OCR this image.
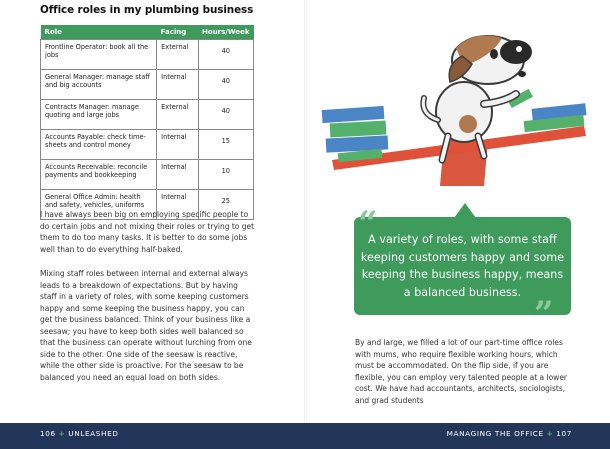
Office roles in my plumbing business
Role	Facing	Hours/Week
Frontline Operator: book all the jobs	External	40
General Manager: manage staff and big accounts	Internal	40
Contracts Manager: manage quoting and large jobs	External	40
Accounts Payable: check time-sheets and control money	Internal	15
Accounts Receivable: reconcile payments and bookkeeping	Internal	10
General Office Admin: health and safety, vehicles, uniforms	Internal	25

I have always been big on employing specific people to do certain jobs and not mixing their roles or trying to get them to do too many tasks. It is better to do some jobs well than to do everything half-baked.

Mixing staff roles between internal and external always leads to a breakdown of expectations. But by having staff in a variety of roles, with some keeping customers happy and some keeping the business happy, you can get the business balanced. Think of your business like a seesaw; you have to keep both sides well balanced so that the business can operate without lurching from one side to the other. One side of the seesaw is reactive, while the other side is proactive. For the seesaw to be balanced you need an equal load on both sides.

“
A variety of roles, with some staff keeping customers happy and some keeping the business happy, means a balanced business.
”

By and large, we filled a lot of our part-time office roles with mums, who require flexible working hours, which must be accommodated. On the flip side, if you are flexible, you can employ very talented people at a lower cost. We have had accountants, architects, sociologists, and grad students

106 + UNLEASHED	MANAGING THE OFFICE + 107
